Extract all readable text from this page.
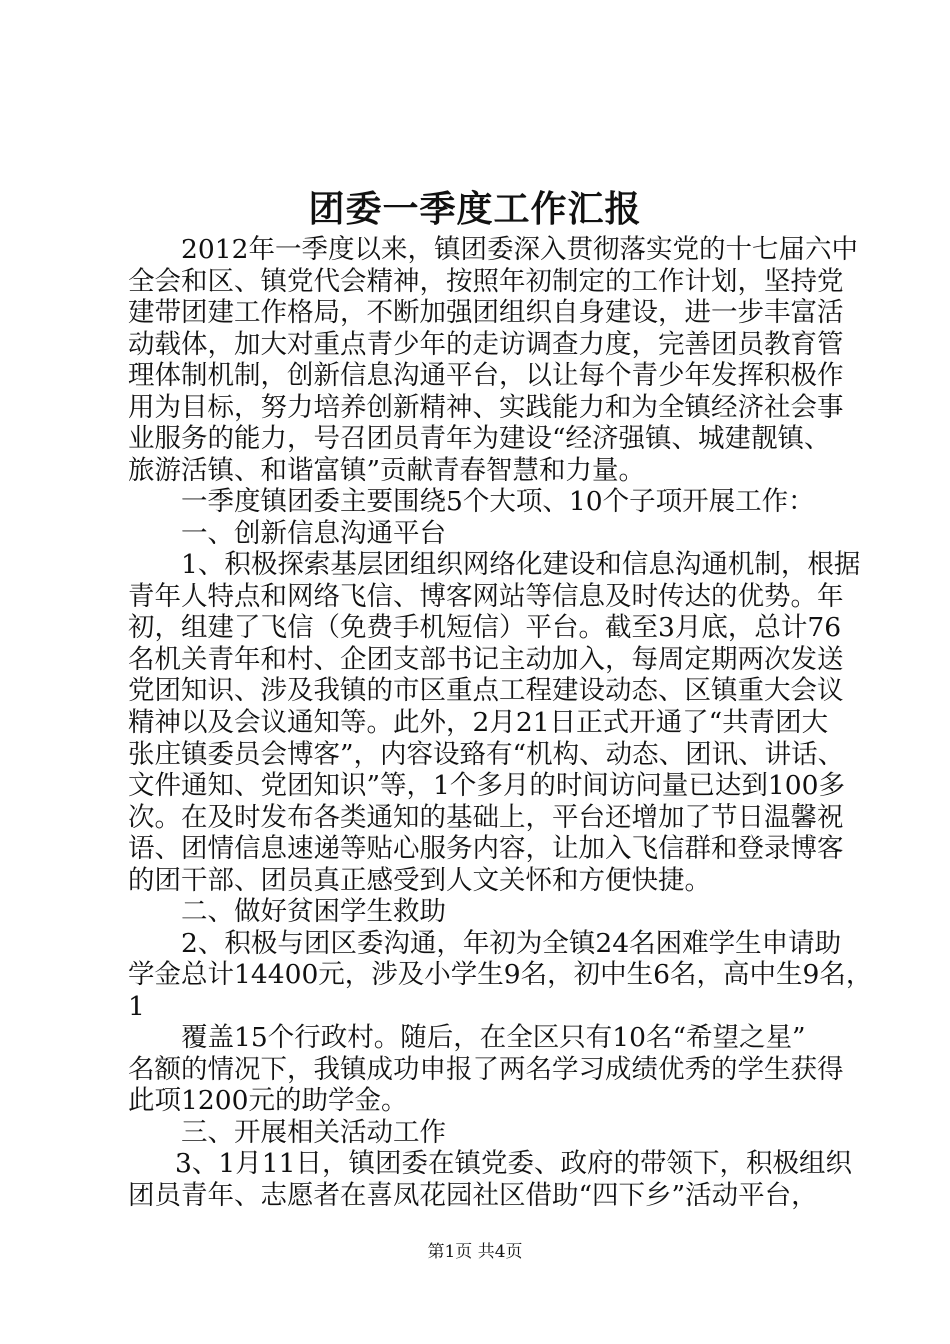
团委一季度工作汇报
2012年一季度以来，镇团委深入贯彻落实党的十七届六中
全会和区、镇党代会精神，按照年初制定的工作计划，坚持党
建带团建工作格局，不断加强团组织自身建设，进一步丰富活
动载体，加大对重点青少年的走访调查力度，完善团员教育管
理体制机制，创新信息沟通平台，以让每个青少年发挥积极作
用为目标，努力培养创新精神、实践能力和为全镇经济社会事
业服务的能力，号召团员青年为建设“经济强镇、城建靓镇、
旅游活镇、和谐富镇”贡献青春智慧和力量。
一季度镇团委主要围绕5个大项、10个子项开展工作：
一、创新信息沟通平台
1、积极探索基层团组织网络化建设和信息沟通机制，根据
青年人特点和网络飞信、博客网站等信息及时传达的优势。年
初，组建了飞信（免费手机短信）平台。截至3月底，总计76
名机关青年和村、企团支部书记主动加入，每周定期两次发送
党团知识、涉及我镇的市区重点工程建设动态、区镇重大会议
精神以及会议通知等。此外，2月21日正式开通了“共青团大
张庄镇委员会博客”，内容设臵有“机构、动态、团讯、讲话、
文件通知、党团知识”等，1个多月的时间访问量已达到100多
次。在及时发布各类通知的基础上，平台还增加了节日温馨祝
语、团情信息速递等贴心服务内容，让加入飞信群和登录博客
的团干部、团员真正感受到人文关怀和方便快捷。
二、做好贫困学生救助
2、积极与团区委沟通，年初为全镇24名困难学生申请助
学金总计14400元，涉及小学生9名，初中生6名，高中生9名，
1
覆盖15个行政村。随后，在全区只有10名“希望之星”
名额的情况下，我镇成功申报了两名学习成绩优秀的学生获得
此项1200元的助学金。
三、开展相关活动工作
3、1月11日，镇团委在镇党委、政府的带领下，积极组织
团员青年、志愿者在喜凤花园社区借助“四下乡”活动平台，
第1页 共4页
